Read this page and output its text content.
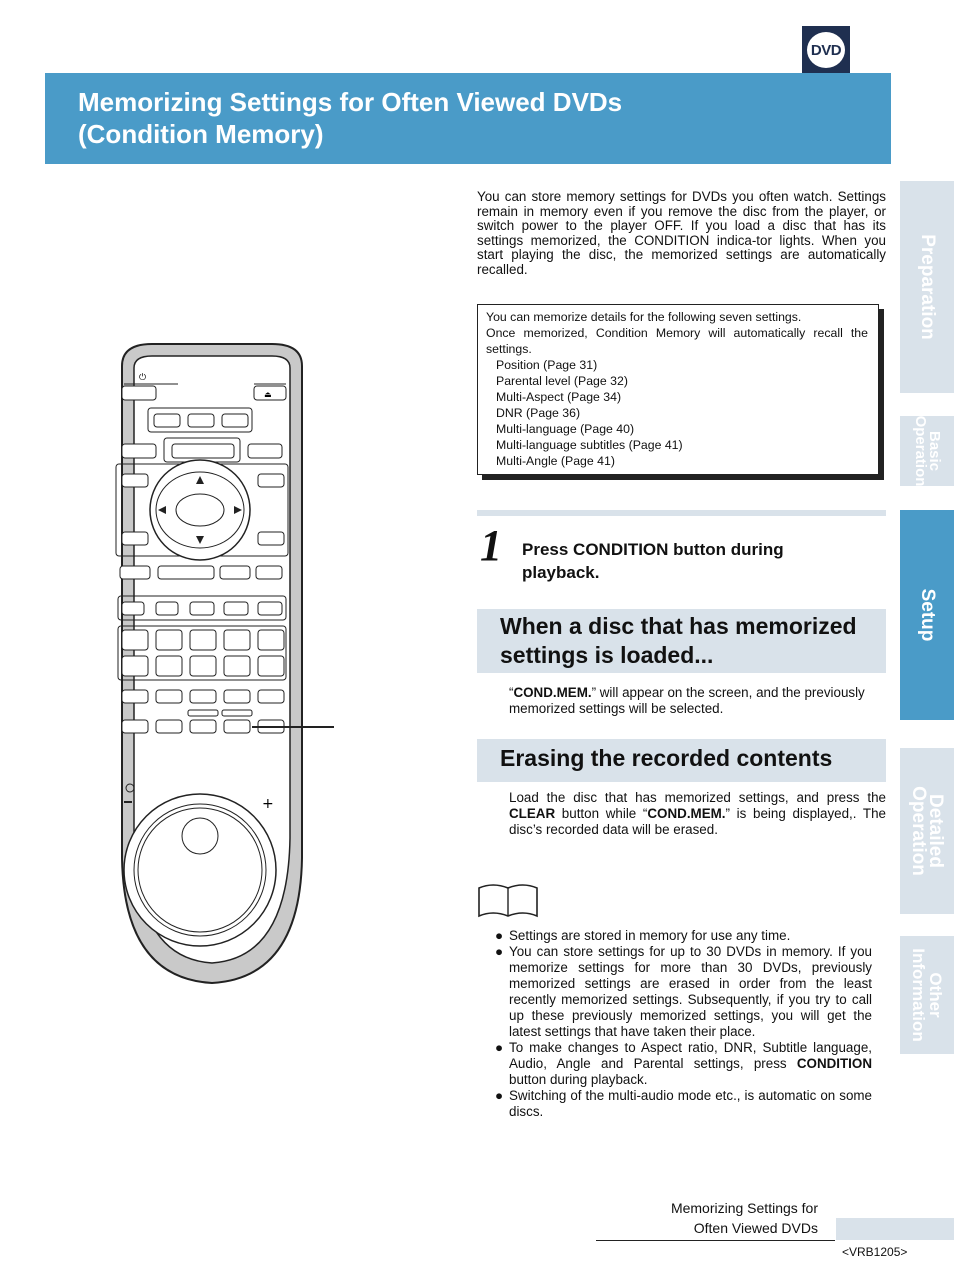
DVD
Memorizing Settings for Often Viewed DVDs
(Condition Memory)
Preparation
Basic
Operation
Setup
Detailed
Operation
Other
Information
You can store memory settings for DVDs you often watch. Settings remain in memory even if you remove the disc from the player, or switch power to the player OFF. If you load a disc that has its settings memorized, the CONDITION indica-tor lights. When you start playing the disc, the memorized settings are automatically recalled.
You can memorize details for the following seven settings.
Once memorized, Condition Memory will automatically recall the settings.
Position (Page 31)
Parental level (Page 32)
Multi-Aspect (Page 34)
DNR (Page 36)
Multi-language (Page 40)
Multi-language subtitles (Page 41)
Multi-Angle (Page 41)
1 Press CONDITION button during playback.
When a disc that has memorized settings is loaded...
“COND.MEM.” will appear on the screen, and the previously memorized settings will be selected.
Erasing the recorded contents
Load the disc that has memorized settings, and press the CLEAR button while “COND.MEM.” is being displayed,. The disc’s recorded data will be erased.
● Settings are stored in memory for use any time.
● You can store settings for up to 30 DVDs in memory. If you memorize settings for more than 30 DVDs, previously memorized settings are erased in order from the least recently memorized settings. Subsequently, if you try to call up these previously memorized settings, you will get the latest settings that have taken their place.
● To make changes to Aspect ratio, DNR, Subtitle language, Audio, Angle and Parental settings, press CONDITION button during playback.
● Switching of the multi-audio mode etc., is automatic on some discs.
⏻
⏏
+
Memorizing Settings for
Often Viewed DVDs
<VRB1205>
